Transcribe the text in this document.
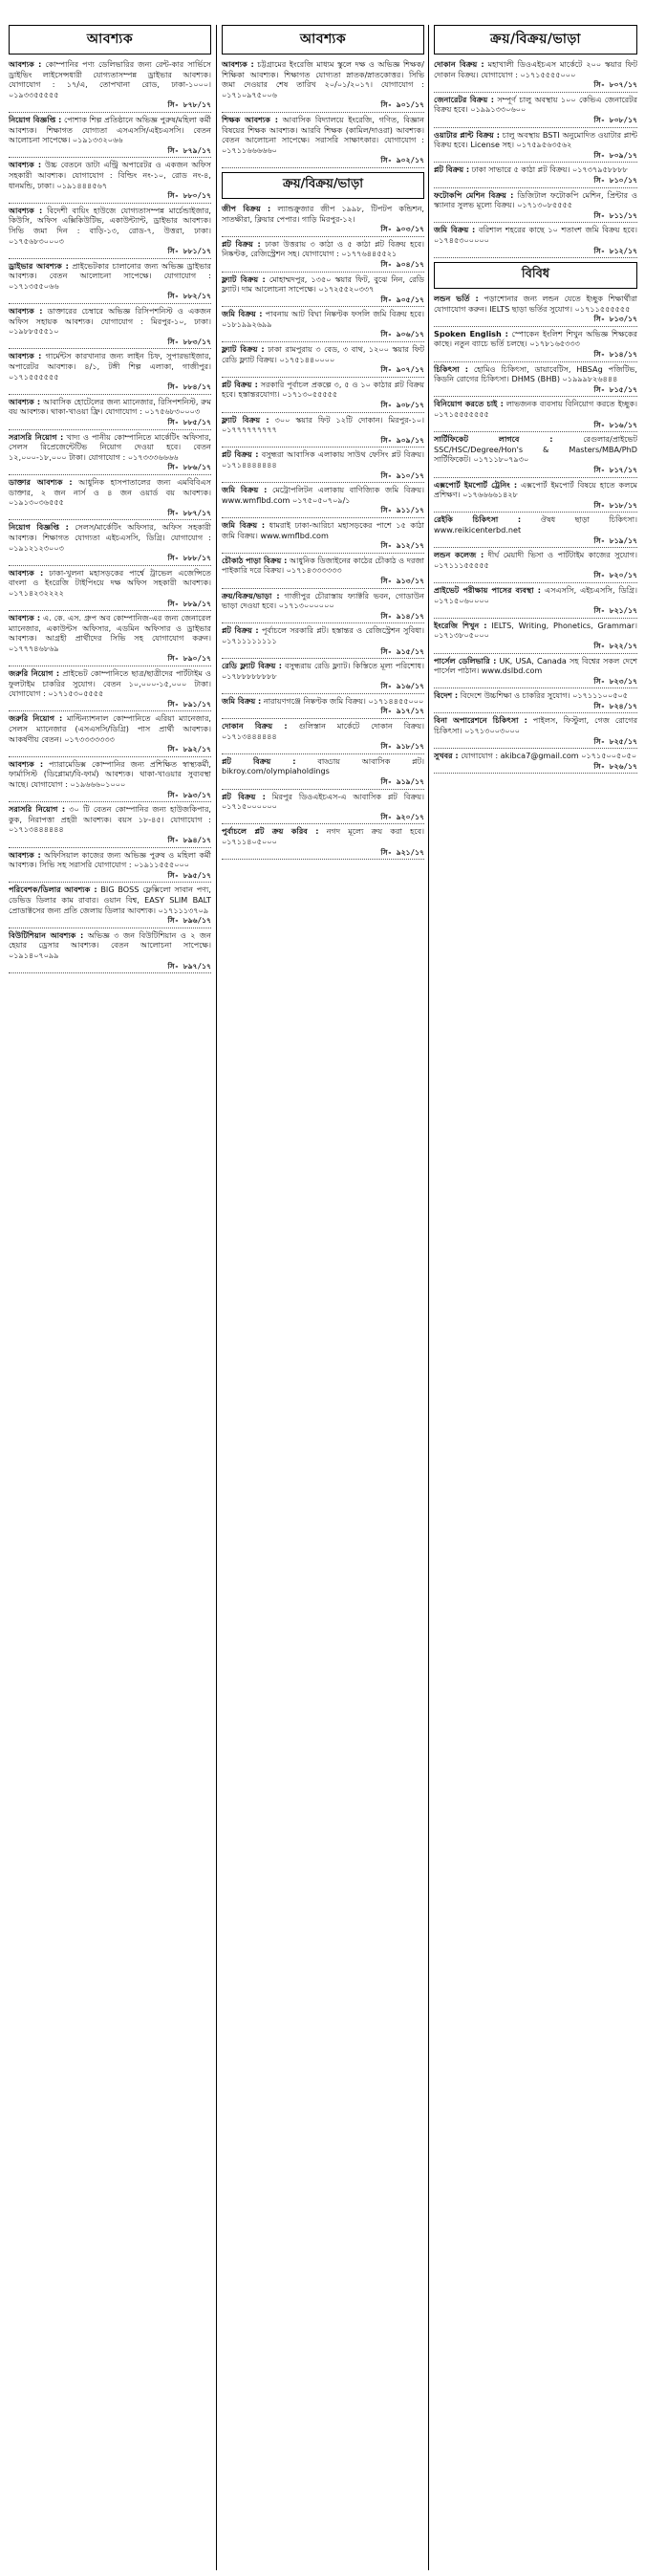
আবশ্যক
আবশ্যক : কোম্পানির পণ্য ডেলিভারির জন্য রেন্ট-কার সার্ভিসে ড্রাইভিং লাইসেন্সধারী যোগ্যতাসম্পন্ন ড্রাইভার আবশ্যক। যোগাযোগ : ১৭/এ, তোপখানা রোড, ঢাকা-১০০০। ০১৯৩৩৫৫৫৫৫
সি- ৮৭৮/১৭
নিয়োগ বিজ্ঞপ্তি : পোশাক শিল্প প্রতিষ্ঠানে অভিজ্ঞ পুরুষ/মহিলা কর্মী আবশ্যক। শিক্ষাগত যোগ্যতা এসএসসি/এইচএসসি। বেতন আলোচনা সাপেক্ষে। ০১৯১৩৩২০৬৬
সি- ৮৭৯/১৭
আবশ্যক : উচ্চ বেতনে ডাটা এন্ট্রি অপারেটর ও একজন অফিস সহকারী আবশ্যক। যোগাযোগ : বিল্ডিং নং-১০, রোড নং-৪, ধানমন্ডি, ঢাকা। ০১৯১৪৪৪৫৬৭
সি- ৮৮০/১৭
আবশ্যক : বিদেশী বায়িং হাউজে যোগ্যতাসম্পন্ন মার্চেন্ডাইজার, কিউসি, অফিস এক্সিকিউটিভ, একাউন্ট্যান্ট, ড্রাইভার আবশ্যক। সিভি জমা দিন : বাড়ি-১৩, রোড-৭, উত্তরা, ঢাকা। ০১৭৫৬৮৩০০০৩
সি- ৮৮১/১৭
ড্রাইভার আবশ্যক : প্রাইভেটকার চালানোর জন্য অভিজ্ঞ ড্রাইভার আবশ্যক। বেতন আলোচনা সাপেক্ষে। যোগাযোগ : ০১৭১৩৫৫০৬৬
সি- ৮৮২/১৭
আবশ্যক : ডাক্তারের চেম্বারে অভিজ্ঞ রিসিপশনিস্ট ও একজন অফিস সহায়ক আবশ্যক। যোগাযোগ : মিরপুর-১০, ঢাকা। ০১৯৮৮৫৫৫১০
সি- ৮৮৩/১৭
আবশ্যক : গার্মেন্টস কারখানার জন্য লাইন চিফ, সুপারভাইজার, অপারেটর আবশ্যক। ৪/১, টঙ্গী শিল্প এলাকা, গাজীপুর। ০১৭১৫৫৫৫৫৫
সি- ৮৮৪/১৭
আবশ্যক : আবাসিক হোটেলের জন্য ম্যানেজার, রিসিপশনিস্ট, রুম বয় আবশ্যক। থাকা-খাওয়া ফ্রি। যোগাযোগ : ০১৭৫৬৮৩০০০৩
সি- ৮৮৫/১৭
সরাসরি নিয়োগ : খাদ্য ও পানীয় কোম্পানিতে মার্কেটিং অফিসার, সেলস রিপ্রেজেন্টেটিভ নিয়োগ দেওয়া হবে। বেতন ১২,০০০-১৮,০০০ টাকা। যোগাযোগ : ০১৭৩৩৩৬৬৬৬
সি- ৮৮৬/১৭
ডাক্তার আবশ্যক : আধুনিক হাসপাতালের জন্য এমবিবিএস ডাক্তার, ২ জন নার্স ও ৪ জন ওয়ার্ড বয় আবশ্যক। ০১৯১৩০৩৬৫৫৫
সি- ৮৮৭/১৭
নিয়োগ বিজ্ঞপ্তি : সেলস/মার্কেটিং অফিসার, অফিস সহকারী আবশ্যক। শিক্ষাগত যোগ্যতা এইচএসসি, ডিগ্রি। যোগাযোগ : ০১৯১২১২৩০০৩
সি- ৮৮৮/১৭
আবশ্যক : ঢাকা-খুলনা মহাসড়কের পার্শ্বে ট্রাভেল এজেন্সিতে বাংলা ও ইংরেজি টাইপিংয়ে দক্ষ অফিস সহকারী আবশ্যক। ০১৭১৪২৩২২২২
সি- ৮৮৯/১৭
আবশ্যক : এ. কে. এস. গ্রুপ অব কোম্পানিজ-এর জন্য জেনারেল ম্যানেজার, একাউন্টস অফিসার, এডমিন অফিসার ও ড্রাইভার আবশ্যক। আগ্রহী প্রার্থীদের সিভি সহ যোগাযোগ করুন। ০১৭৭৭৪৬৮৬৯
সি- ৮৯০/১৭
জরুরি নিয়োগ : প্রাইভেট কোম্পানিতে ছাত্র/ছাত্রীদের পার্টটাইম ও ফুলটাইম চাকরির সুযোগ। বেতন ১০,০০০-১৫,০০০ টাকা। যোগাযোগ : ০১৭১৫৩০৫৫৫৫
সি- ৮৯১/১৭
জরুরি নিয়োগ : মাল্টিন্যাশনাল কোম্পানিতে এরিয়া ম্যানেজার, সেলস ম্যানেজার (এসএসসি/ডিগ্রি) পাস প্রার্থী আবশ্যক। আকর্ষণীয় বেতন। ০১৭৩৩৩৩৩৩৩
সি- ৮৯২/১৭
আবশ্যক : প্যারামেডিক্স কোম্পানির জন্য প্রশিক্ষিত স্বাস্থ্যকর্মী, ফার্মাসিস্ট (ডিপ্লোমা/বি-ফার্ম) আবশ্যক। থাকা-খাওয়ার সুব্যবস্থা আছে। যোগাযোগ : ০১৯৬৬৬০১০০০
সি- ৮৯৩/১৭
সরাসরি নিয়োগ : ৩০ টি বেতন কোম্পানির জন্য হাউজকিপার, কুক, নিরাপত্তা প্রহরী আবশ্যক। বয়স ১৮-৪৫। যোগাযোগ : ০১৭১৩৪৪৪৪৪৪
সি- ৮৯৪/১৭
আবশ্যক : অফিসিয়াল কাজের জন্য অভিজ্ঞ পুরুষ ও মহিলা কর্মী আবশ্যক। সিভি সহ সরাসরি যোগাযোগ : ০১৯১১৫৫৫০০০
সি- ৮৯৫/১৭
পরিবেশক/ডিলার আবশ্যক : BIG BOSS ফ্লেক্সিলো সাবান পণ্য, ডেভিড ডিলার কাম রাবার। ওয়ান বিশ্ব, EASY SLIM BALT প্রোডাক্টসের জন্য প্রতি জেলায় ডিলার আবশ্যক। ০১৭১১১৩৭০৯
সি- ৮৯৬/১৭
বিউটিশিয়ান আবশ্যক : অভিজ্ঞ ৩ জন বিউটিশিয়ান ও ২ জন হেয়ার ড্রেসার আবশ্যক। বেতন আলোচনা সাপেক্ষে। ০১৯১৪০৭০৯৯
সি- ৮৯৭/১৭
আবশ্যক
আবশ্যক : চট্টগ্রামের ইংরেজি মাধ্যম স্কুলে দক্ষ ও অভিজ্ঞ শিক্ষক/শিক্ষিকা আবশ্যক। শিক্ষাগত যোগ্যতা স্নাতক/স্নাতকোত্তর। সিভি জমা দেওয়ার শেষ তারিখ ২০/০১/২০১৭। যোগাযোগ : ০১৭১০৯৭৫০০৬
সি- ৯০১/১৭
শিক্ষক আবশ্যক : আবাসিক বিদ্যালয়ে ইংরেজি, গণিত, বিজ্ঞান বিষয়ের শিক্ষক আবশ্যক। আরবি শিক্ষক (কামিল/দাওরা) আবশ্যক। বেতন আলোচনা সাপেক্ষে। সরাসরি সাক্ষাৎকার। যোগাযোগ : ০১৭১১৬৬৬৬৬০
সি- ৯০২/১৭
ক্রয়/বিক্রয়/ভাড়া
জীপ বিক্রয় : ল্যান্ডক্রুজার জীপ ১৯৯৮, টিপটপ কন্ডিশন, সাতক্ষীরা, ক্লিয়ার পেপার। গাড়ি মিরপুর-১২।
সি- ৯০৩/১৭
প্লট বিক্রয় : ঢাকা উত্তরায় ৩ কাঠা ও ৫ কাঠা প্লট বিক্রয় হবে। নিষ্কণ্টক, রেজিস্ট্রেশন সহ। যোগাযোগ : ০১৭৭৬৪৪৫৫২১
সি- ৯০৪/১৭
ফ্ল্যাট বিক্রয় : মোহাম্মদপুর, ১৩৫০ স্কয়ার ফিট, বুঝে নিন, রেডি ফ্ল্যাট। দাম আলোচনা সাপেক্ষে। ০১৭২৫৫২০৩৩৭
সি- ৯০৫/১৭
জমি বিক্রয় : পাবনায় আট বিঘা নিষ্কণ্টক ফসলি জমি বিক্রয় হবে। ০১৮১৯৯২৬৯৯
সি- ৯০৬/১৭
ফ্ল্যাট বিক্রয় : ঢাকা রামপুরায় ৩ বেড, ৩ বাথ, ১২০০ স্কয়ার ফিট রেডি ফ্ল্যাট বিক্রয়। ০১৭৫১৪৪০০০০
সি- ৯০৭/১৭
প্লট বিক্রয় : সরকারি পূর্বাচল প্রকল্পে ৩, ৫ ও ১০ কাঠার প্লট বিক্রয় হবে। হস্তান্তরযোগ্য। ০১৭১৩০৫৫৫৫৫
সি- ৯০৮/১৭
ফ্ল্যাট বিক্রয় : ৩০০ স্কয়ার ফিট ১২টি দোকান। মিরপুর-১০। ০১৭৭৭৭৭৭৭৭৭
সি- ৯০৯/১৭
প্লট বিক্রয় : বসুন্ধরা আবাসিক এলাকায় সাউথ ফেসিং প্লট বিক্রয়। ০১৭১৪৪৪৪৪৪৪
সি- ৯১০/১৭
জমি বিক্রয় : মেট্রোপলিটন এলাকায় বাণিজ্যিক জমি বিক্রয়। www.wmflbd.com ০১৭৫০৫০৭০৯/১
সি- ৯১১/১৭
জমি বিক্রয় : ধামরাই ঢাকা-আরিচা মহাসড়কের পাশে ১৫ কাঠা জমি বিক্রয়। www.wmflbd.com
সি- ৯১২/১৭
চৌকাঠ পাড়া বিক্রয় : আধুনিক ডিজাইনের কাঠের চৌকাঠ ও দরজা পাইকারি দরে বিক্রয়। ০১৭১৪৩৩৩৩৩৩
সি- ৯১৩/১৭
ক্রয়/বিক্রয়/ভাড়া : গাজীপুর চৌরাস্তায় ফ্যাক্টরি ভবন, গোডাউন ভাড়া দেওয়া হবে। ০১৭১৩০০০০০০
সি- ৯১৪/১৭
প্লট বিক্রয় : পূর্বাচলে সরকারি প্লট। হস্তান্তর ও রেজিস্ট্রেশন সুবিধা। ০১৭১১১১১১১১
সি- ৯১৫/১৭
রেডি ফ্ল্যাট বিক্রয় : বসুন্ধরায় রেডি ফ্ল্যাট। কিস্তিতে মূল্য পরিশোধ। ০১৭৮৮৮৮৮৮৮৮
সি- ৯১৬/১৭
জমি বিক্রয় : নারায়ণগঞ্জে নিষ্কণ্টক জমি বিক্রয়। ০১৭১৪৪৫৫০০০
সি- ৯১৭/১৭
দোকান বিক্রয় : গুলিস্তান মার্কেটে দোকান বিক্রয়। ০১৭১৩৪৪৪৪৪৪
সি- ৯১৮/১৭
প্লট বিক্রয় :	বাড্ডায় আবাসিক প্লট। bikroy.com/olympiaholdings
সি- ৯১৯/১৭
প্লট বিক্রয় : মিরপুর ডিওএইচএস-এ আবাসিক প্লট বিক্রয়। ০১৭১৫০০০০০০
সি- ৯২০/১৭
পুর্বাচলে প্লট ক্রয় করিব : নগদ মূল্যে ক্রয় করা হবে। ০১৭১১৪০৫০০০
সি- ৯২১/১৭
ক্রয়/বিক্রয়/ভাড়া
দোকান বিক্রয় : মহাখালী ডিওএইচএস মার্কেটে ২০০ স্কয়ার ফিট দোকান বিক্রয়। যোগাযোগ : ০১৭১৫৫৫৫০০০
সি- ৮০৭/১৭
জেনারেটর বিক্রয় : সম্পূর্ণ চালু অবস্থায় ১০০ কেভিএ জেনারেটর বিক্রয় হবে। ০১৯৯১৩৩০৬০০
সি- ৮০৮/১৭
ওয়াটার প্লান্ট বিক্রয় : চালু অবস্থায় BSTI অনুমোদিত ওয়াটার প্লান্ট বিক্রয় হবে। License সহ। ০১৭৫৯৫৬৩৫৬২
সি- ৮০৯/১৭
প্লট বিক্রয় : ঢাকা সাভারে ৫ কাঠা প্লট বিক্রয়। ০১৭৩৭৯৫৮৮৮৮
সি- ৮১০/১৭
ফটোকপি মেশিন বিক্রয় : ডিজিটাল ফটোকপি মেশিন, প্রিন্টার ও স্ক্যানার সুলভ মূল্যে বিক্রয়। ০১৭১৩০৮৫৫৫৫
সি- ৮১১/১৭
জমি বিক্রয় : বরিশাল শহরের কাছে ১০ শতাংশ জমি বিক্রয় হবে। ০১৭৪৫৩০০০০০
সি- ৮১২/১৭
বিবিধ
লন্ডন ভর্তি : পড়াশোনার জন্য লন্ডন যেতে ইচ্ছুক শিক্ষার্থীরা যোগাযোগ করুন। IELTS ছাড়া ভর্তির সুযোগ। ০১৭১১৫৫৫৫৫৫
সি- ৮১৩/১৭
Spoken English : স্পোকেন ইংলিশ শিখুন অভিজ্ঞ শিক্ষকের কাছে। নতুন ব্যাচে ভর্তি চলছে। ০১৭৮১৬৫৩৩৩
সি- ৮১৪/১৭
চিকিৎসা : হোমিও চিকিৎসা, ডায়াবেটিস, HBSAg পজিটিভ, কিডনি রোগের চিকিৎসা। DHMS (BHB) ০১৯৯৯৮২৬৪৪৪
সি- ৮১৫/১৭
বিনিয়োগ করতে চাই : লাভজনক ব্যবসায় বিনিয়োগ করতে ইচ্ছুক। ০১৭১৫৫৫৫৫৫৫
সি- ৮১৬/১৭
সার্টিফিকেট লাগবে :	রেগুলার/প্রাইভেট SSC/HSC/Degree/Hon's & Masters/MBA/PhD সার্টিফিকেট। ০১৭১১৮০৭৯৩০
সি- ৮১৭/১৭
এক্সপোর্ট ইমপোর্ট ট্রেনিং : এক্সপোর্ট ইমপোর্ট বিষয়ে হাতে কলমে প্রশিক্ষণ। ০১৭৬৬৬৬১৪২৮
সি- ৮১৮/১৭
রেইকি চিকিৎসা :	ঔষধ ছাড়া চিকিৎসা। www.reikicenterbd.net
সি- ৮১৯/১৭
লন্ডন কলেজ : দীর্ঘ মেয়াদী ভিসা ও পার্টটাইম কাজের সুযোগ। ০১৭১১১৫৫৫৫৫
সি- ৮২০/১৭
প্রাইভেট পরীক্ষায় পাসের ব্যবস্থা : এসএসসি, এইচএসসি, ডিগ্রি। ০১৭১৫০৬০০০০
সি- ৮২১/১৭
ইংরেজি শিখুন : IELTS, Writing, Phonetics, Grammar। ০১৭১৩৮০৫০০০
সি- ৮২২/১৭
পার্সেল ডেলিভারি : UK, USA, Canada সহ বিশ্বের সকল দেশে পার্সেল পাঠান। www.dslbd.com
সি- ৮২৩/১৭
বিদেশ : বিদেশে উচ্চশিক্ষা ও চাকরির সুযোগ। ০১৭১১১০০৫০৫
সি- ৮২৪/১৭
বিনা অপারেশনে চিকিৎসা : পাইলস, ফিস্টুলা, গেজ রোগের চিকিৎসা। ০১৭১৩০০৩০০০
সি- ৮২৫/১৭
সুখবর : যোগাযোগ : akibca7@gmail.com ০১৭১৫০০৫০৫০
সি- ৮২৬/১৭
